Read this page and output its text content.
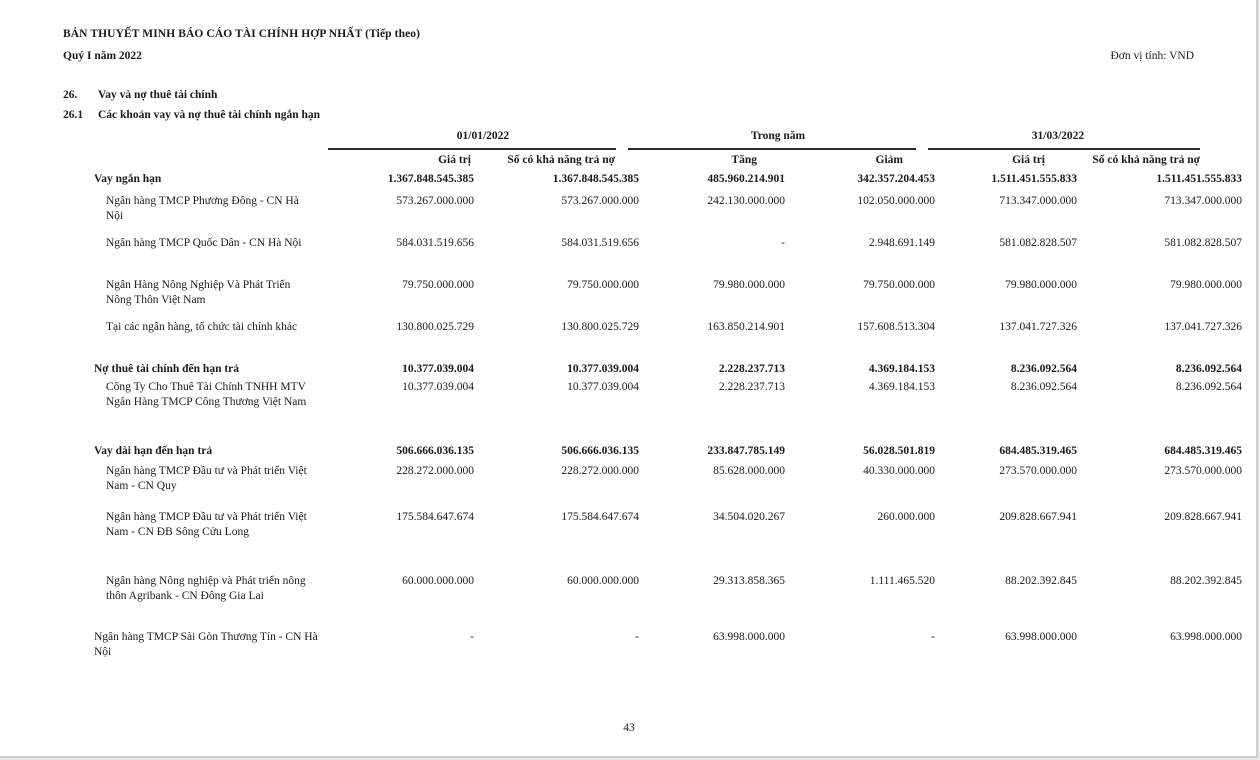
BẢN THUYẾT MINH BÁO CÁO TÀI CHÍNH HỢP NHẤT (Tiếp theo)
Quý I năm 2022	Đơn vị tính: VND
26. Vay và nợ thuê tài chính
26.1 Các khoản vay và nợ thuê tài chính ngắn hạn
01/01/2022	Trong năm	31/03/2022
Giá trị	Số có khả năng trả nợ	Tăng	Giảm	Giá trị	Số có khả năng trả nợ
Vay ngắn hạn	1.367.848.545.385	1.367.848.545.385	485.960.214.901	342.357.204.453	1.511.451.555.833	1.511.451.555.833
Ngân hàng TMCP Phương Đông - CN Hà Nội	573.267.000.000	573.267.000.000	242.130.000.000	102.050.000.000	713.347.000.000	713.347.000.000
Ngân hàng TMCP Quốc Dân - CN Hà Nội	584.031.519.656	584.031.519.656	-	2.948.691.149	581.082.828.507	581.082.828.507
Ngân Hàng Nông Nghiệp Và Phát Triển Nông Thôn Việt Nam	79.750.000.000	79.750.000.000	79.980.000.000	79.750.000.000	79.980.000.000	79.980.000.000
Tại các ngân hàng, tổ chức tài chính khác	130.800.025.729	130.800.025.729	163.850.214.901	157.608.513.304	137.041.727.326	137.041.727.326
Nợ thuê tài chính đến hạn trả	10.377.039.004	10.377.039.004	2.228.237.713	4.369.184.153	8.236.092.564	8.236.092.564
Công Ty Cho Thuê Tài Chính TNHH MTV Ngân Hàng TMCP Công Thương Việt Nam	10.377.039.004	10.377.039.004	2.228.237.713	4.369.184.153	8.236.092.564	8.236.092.564
Vay dài hạn đến hạn trả	506.666.036.135	506.666.036.135	233.847.785.149	56.028.501.819	684.485.319.465	684.485.319.465
Ngân hàng TMCP Đầu tư và Phát triển Việt Nam - CN Quy	228.272.000.000	228.272.000.000	85.628.000.000	40.330.000.000	273.570.000.000	273.570.000.000
Ngân hàng TMCP Đầu tư và Phát triển Việt Nam - CN ĐB Sông Cửu Long	175.584.647.674	175.584.647.674	34.504.020.267	260.000.000	209.828.667.941	209.828.667.941
Ngân hàng Nông nghiệp và Phát triển nông thôn Agribank - CN Đông Gia Lai	60.000.000.000	60.000.000.000	29.313.858.365	1.111.465.520	88.202.392.845	88.202.392.845
Ngân hàng TMCP Sài Gòn Thương Tín - CN Hà Nội	-	-	63.998.000.000	-	63.998.000.000	63.998.000.000
43
